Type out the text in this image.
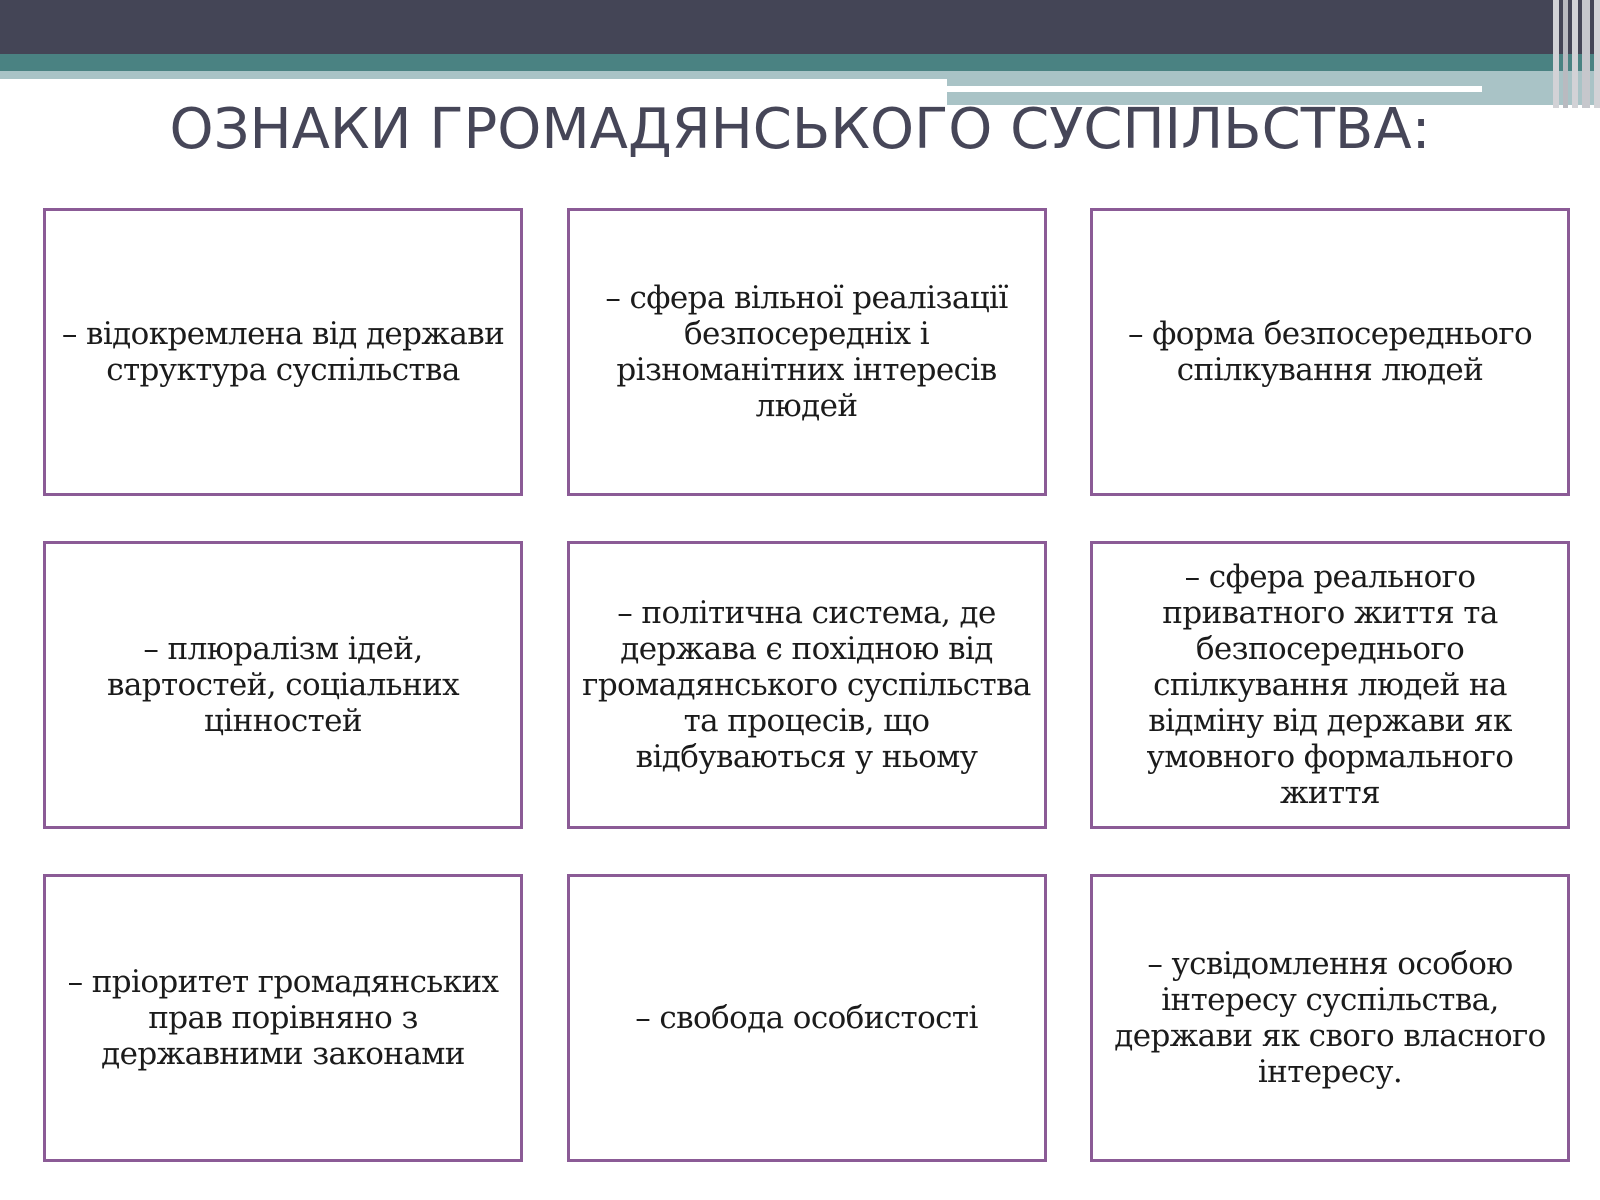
ОЗНАКИ ГРОМАДЯНСЬКОГО СУСПІЛЬСТВА:
– відокремлена від держави структура суспільства
– сфера вільної реалізації безпосередніх і різноманітних інтересів людей
– форма безпосереднього спілкування людей
– плюралізм ідей, вартостей, соціальних цінностей
– політична система, де держава є похідною від громадянського суспільства та процесів, що відбуваються у ньому
– сфера реального приватного життя та безпосереднього спілкування людей на відміну від держави як умовного формального життя
– пріоритет громадянських прав порівняно з державними законами
– свобода особистості
– усвідомлення особою інтересу суспільства, держави як свого власного інтересу.
